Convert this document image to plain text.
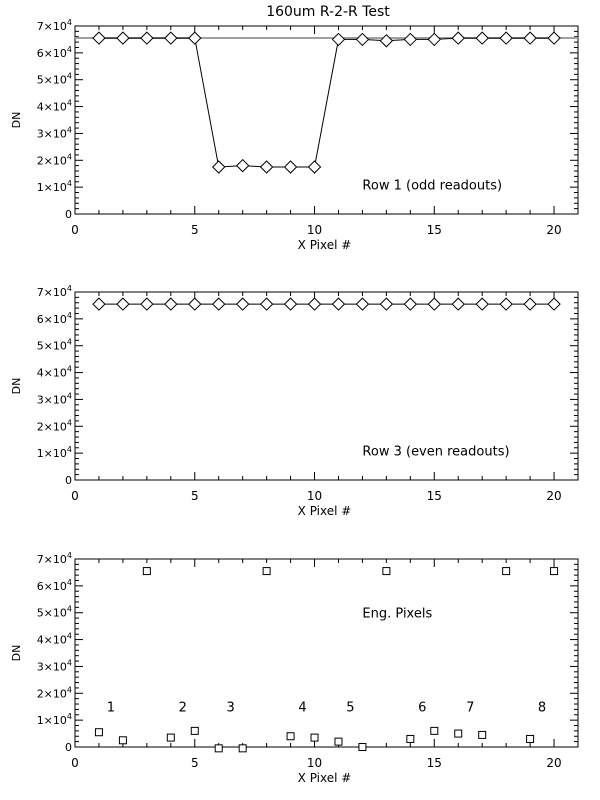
160um R-2-R Test
0	5	10	15	20
0
$1\times 10^4$
$2\times 10^4$
$3\times 10^4$
$4\times 10^4$
$5\times 10^4$
$6\times 10^4$
$7\times 10^4$
X Pixel #
DN
Row 1 (odd readouts)
0	5	10	15	20
0
$1\times 10^4$
$2\times 10^4$
$3\times 10^4$
$4\times 10^4$
$5\times 10^4$
$6\times 10^4$
$7\times 10^4$
X Pixel #
DN
Row 3 (even readouts)
0	5	10	15	20
0
$1\times 10^4$
$2\times 10^4$
$3\times 10^4$
$4\times 10^4$
$5\times 10^4$
$6\times 10^4$
$7\times 10^4$
X Pixel #
DN
Eng. Pixels
1	2	3	4	5	6	7	8
